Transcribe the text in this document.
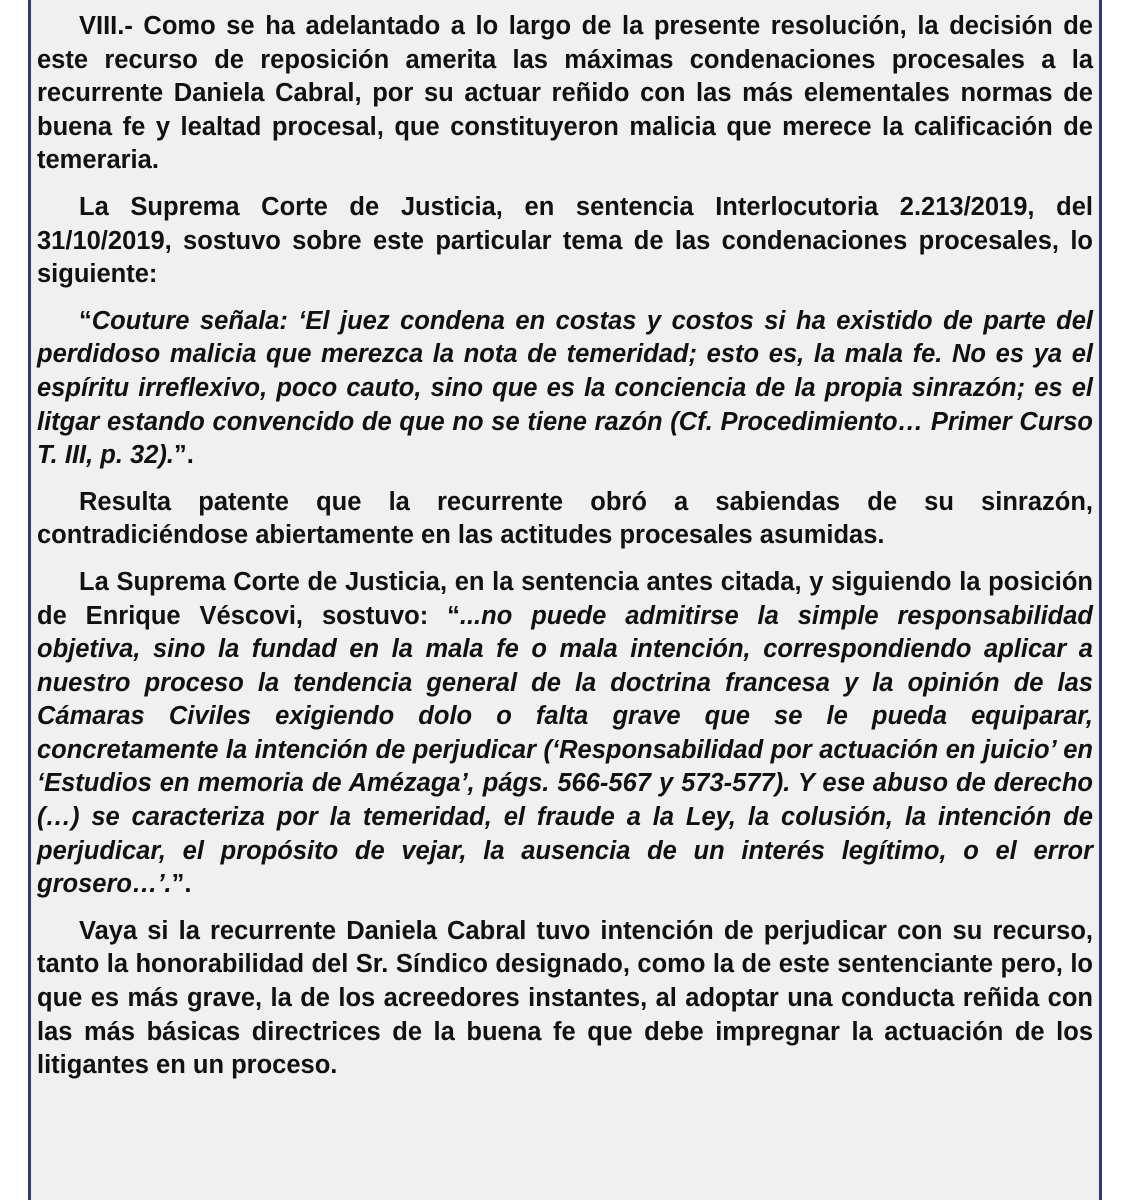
VIII.- Como se ha adelantado a lo largo de la presente resolución, la decisión de este recurso de reposición amerita las máximas condenaciones procesales a la recurrente Daniela Cabral, por su actuar reñido con las más elementales normas de buena fe y lealtad procesal, que constituyeron malicia que merece la calificación de temeraria.

La Suprema Corte de Justicia, en sentencia Interlocutoria 2.213/2019, del 31/10/2019, sostuvo sobre este particular tema de las condenaciones procesales, lo siguiente:

“Couture señala: ‘El juez condena en costas y costos si ha existido de parte del perdidoso malicia que merezca la nota de temeridad; esto es, la mala fe. No es ya el espíritu irreflexivo, poco cauto, sino que es la conciencia de la propia sinrazón; es el litgar estando convencido de que no se tiene razón (Cf. Procedimiento… Primer Curso T. III, p. 32).”.

Resulta patente que la recurrente obró a sabiendas de su sinrazón, contradiciéndose abiertamente en las actitudes procesales asumidas.

La Suprema Corte de Justicia, en la sentencia antes citada, y siguiendo la posición de Enrique Véscovi, sostuvo: “...no puede admitirse la simple responsabilidad objetiva, sino la fundad en la mala fe o mala intención, correspondiendo aplicar a nuestro proceso la tendencia general de la doctrina francesa y la opinión de las Cámaras Civiles exigiendo dolo o falta grave que se le pueda equiparar, concretamente la intención de perjudicar (‘Responsabilidad por actuación en juicio’ en ‘Estudios en memoria de Amézaga’, págs. 566-567 y 573-577). Y ese abuso de derecho (…) se caracteriza por la temeridad, el fraude a la Ley, la colusión, la intención de perjudicar, el propósito de vejar, la ausencia de un interés legítimo, o el error grosero…’.”.

Vaya si la recurrente Daniela Cabral tuvo intención de perjudicar con su recurso, tanto la honorabilidad del Sr. Síndico designado, como la de este sentenciante pero, lo que es más grave, la de los acreedores instantes, al adoptar una conducta reñida con las más básicas directrices de la buena fe que debe impregnar la actuación de los litigantes en un proceso.
